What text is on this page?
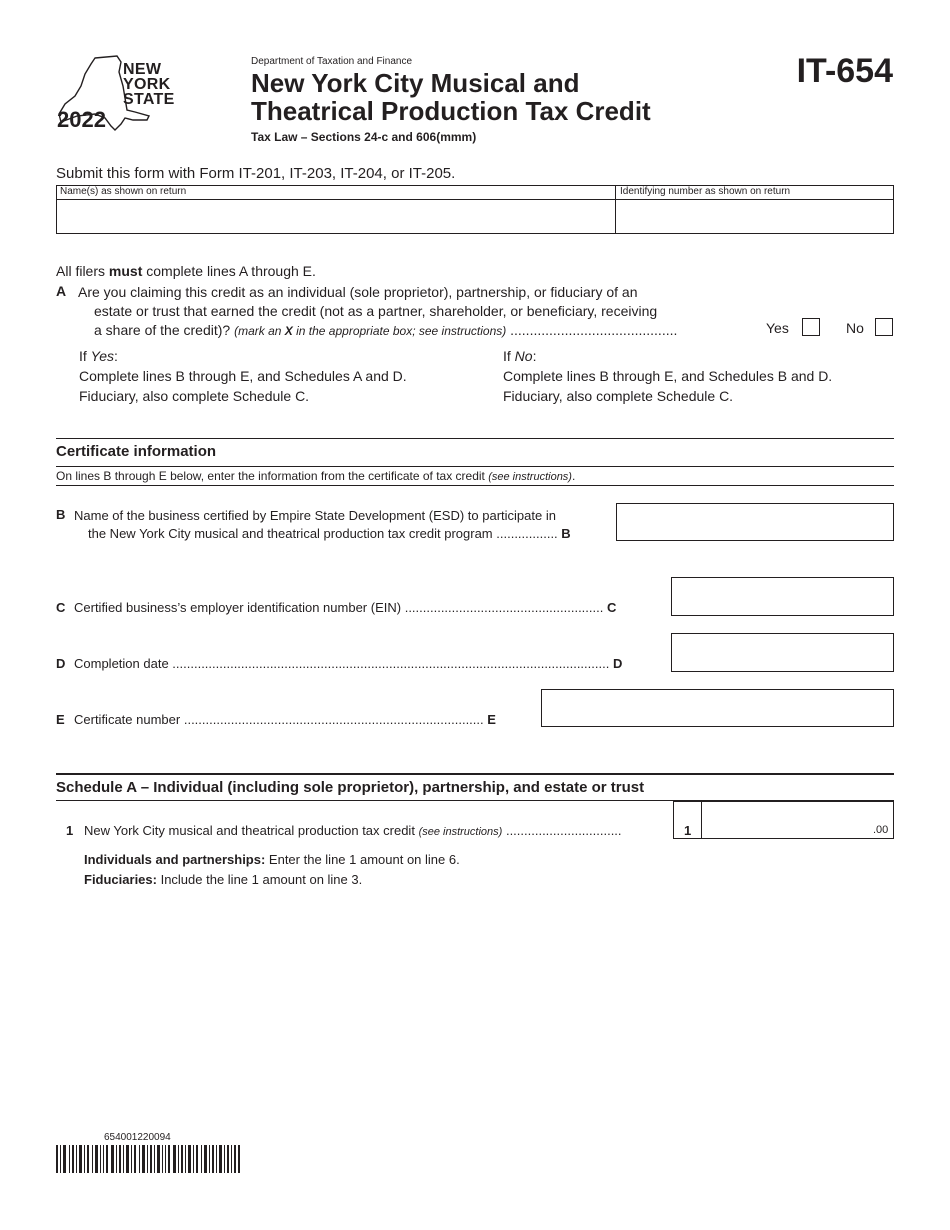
NEW
YORK
STATE
2022
Department of Taxation and Finance
New York City Musical and
Theatrical Production Tax Credit
Tax Law – Sections 24-c and 606(mmm)
IT-654
Submit this form with Form IT-201, IT-203, IT-204, or IT-205.
Name(s) as shown on return	Identifying number as shown on return
All filers must complete lines A through E.
A Are you claiming this credit as an individual (sole proprietor), partnership, or fiduciary of an
estate or trust that earned the credit (not as a partner, shareholder, or beneficiary, receiving
a share of the credit)? (mark an X in the appropriate box; see instructions) ...........................................	Yes	No
If Yes:
Complete lines B through E, and Schedules A and D.
Fiduciary, also complete Schedule C.
If No:
Complete lines B through E, and Schedules B and D.
Fiduciary, also complete Schedule C.
Certificate information
On lines B through E below, enter the information from the certificate of tax credit (see instructions).
B Name of the business certified by Empire State Development (ESD) to participate in
the New York City musical and theatrical production tax credit program ................. B
C Certified business’s employer identification number (EIN) ....................................................... C
D Completion date ......................................................................................................................... D
E Certificate number ................................................................................... E
Schedule A – Individual (including sole proprietor), partnership, and estate or trust
1 New York City musical and theatrical production tax credit (see instructions) ................................	1	.00
Individuals and partnerships: Enter the line 1 amount on line 6.
Fiduciaries: Include the line 1 amount on line 3.
654001220094
